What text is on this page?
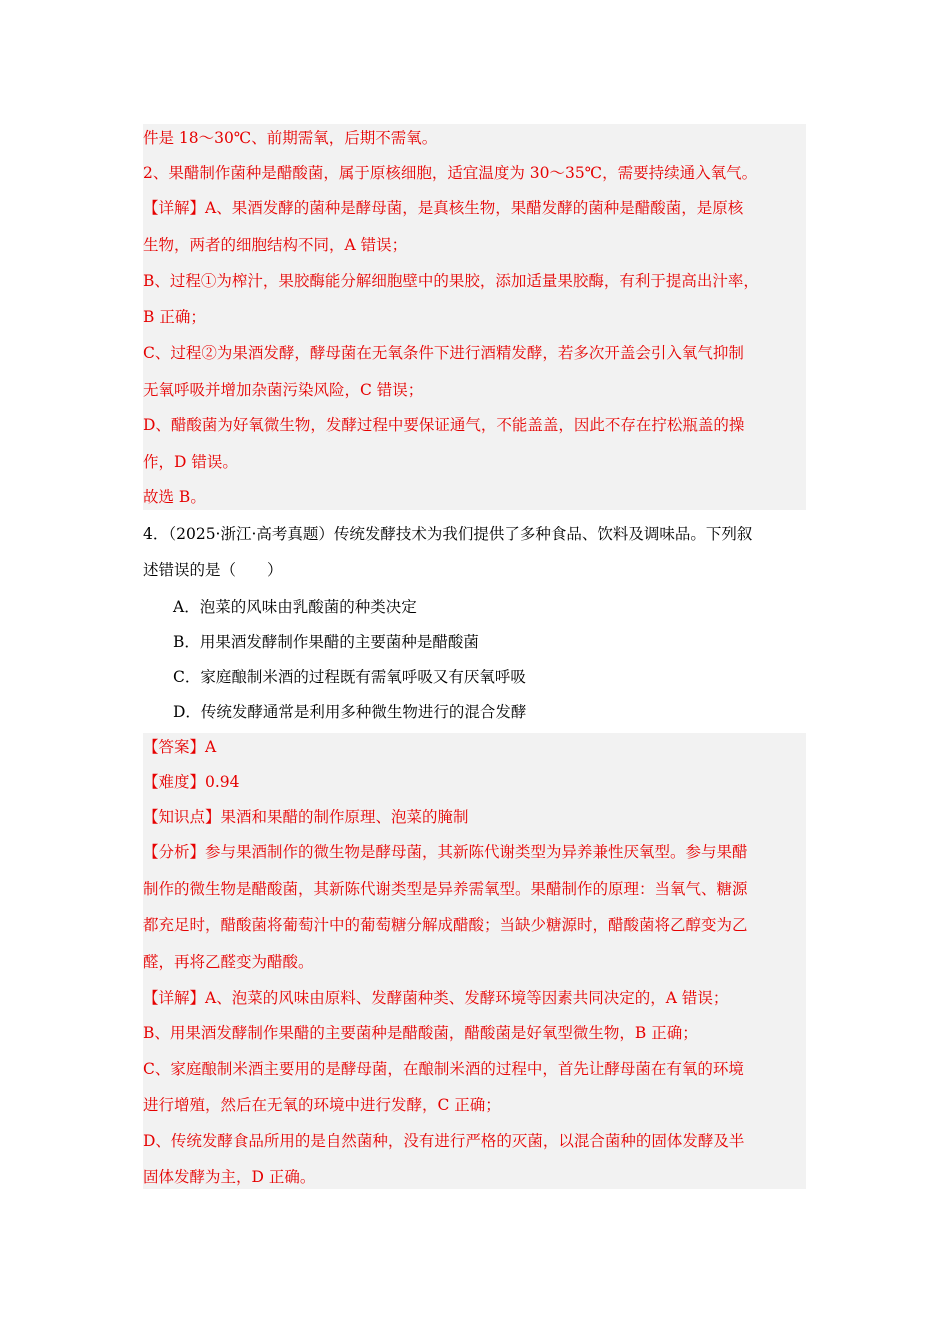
件是 18～30℃、前期需氧，后期不需氧。
2、果醋制作菌种是醋酸菌，属于原核细胞，适宜温度为 30～35℃，需要持续通入氧气。
【详解】A、果酒发酵的菌种是酵母菌，是真核生物，果醋发酵的菌种是醋酸菌，是原核
生物，两者的细胞结构不同，A 错误；
B、过程①为榨汁，果胶酶能分解细胞壁中的果胶，添加适量果胶酶，有利于提高出汁率，
B 正确；
C、过程②为果酒发酵，酵母菌在无氧条件下进行酒精发酵，若多次开盖会引入氧气抑制
无氧呼吸并增加杂菌污染风险，C 错误；
D、醋酸菌为好氧微生物，发酵过程中要保证通气，不能盖盖，因此不存在拧松瓶盖的操
作，D 错误。
故选 B。
4．（2025·浙江·高考真题）传统发酵技术为我们提供了多种食品、饮料及调味品。下列叙
述错误的是（　　）
A．泡菜的风味由乳酸菌的种类决定
B．用果酒发酵制作果醋的主要菌种是醋酸菌
C．家庭酿制米酒的过程既有需氧呼吸又有厌氧呼吸
D．传统发酵通常是利用多种微生物进行的混合发酵
【答案】A
【难度】0.94
【知识点】果酒和果醋的制作原理、泡菜的腌制
【分析】参与果酒制作的微生物是酵母菌，其新陈代谢类型为异养兼性厌氧型。参与果醋
制作的微生物是醋酸菌，其新陈代谢类型是异养需氧型。果醋制作的原理：当氧气、糖源
都充足时，醋酸菌将葡萄汁中的葡萄糖分解成醋酸；当缺少糖源时，醋酸菌将乙醇变为乙
醛，再将乙醛变为醋酸。
【详解】A、泡菜的风味由原料、发酵菌种类、发酵环境等因素共同决定的，A 错误；
B、用果酒发酵制作果醋的主要菌种是醋酸菌，醋酸菌是好氧型微生物，B 正确；
C、家庭酿制米酒主要用的是酵母菌，在酿制米酒的过程中，首先让酵母菌在有氧的环境
进行增殖，然后在无氧的环境中进行发酵，C 正确；
D、传统发酵食品所用的是自然菌种，没有进行严格的灭菌，以混合菌种的固体发酵及半
固体发酵为主，D 正确。
